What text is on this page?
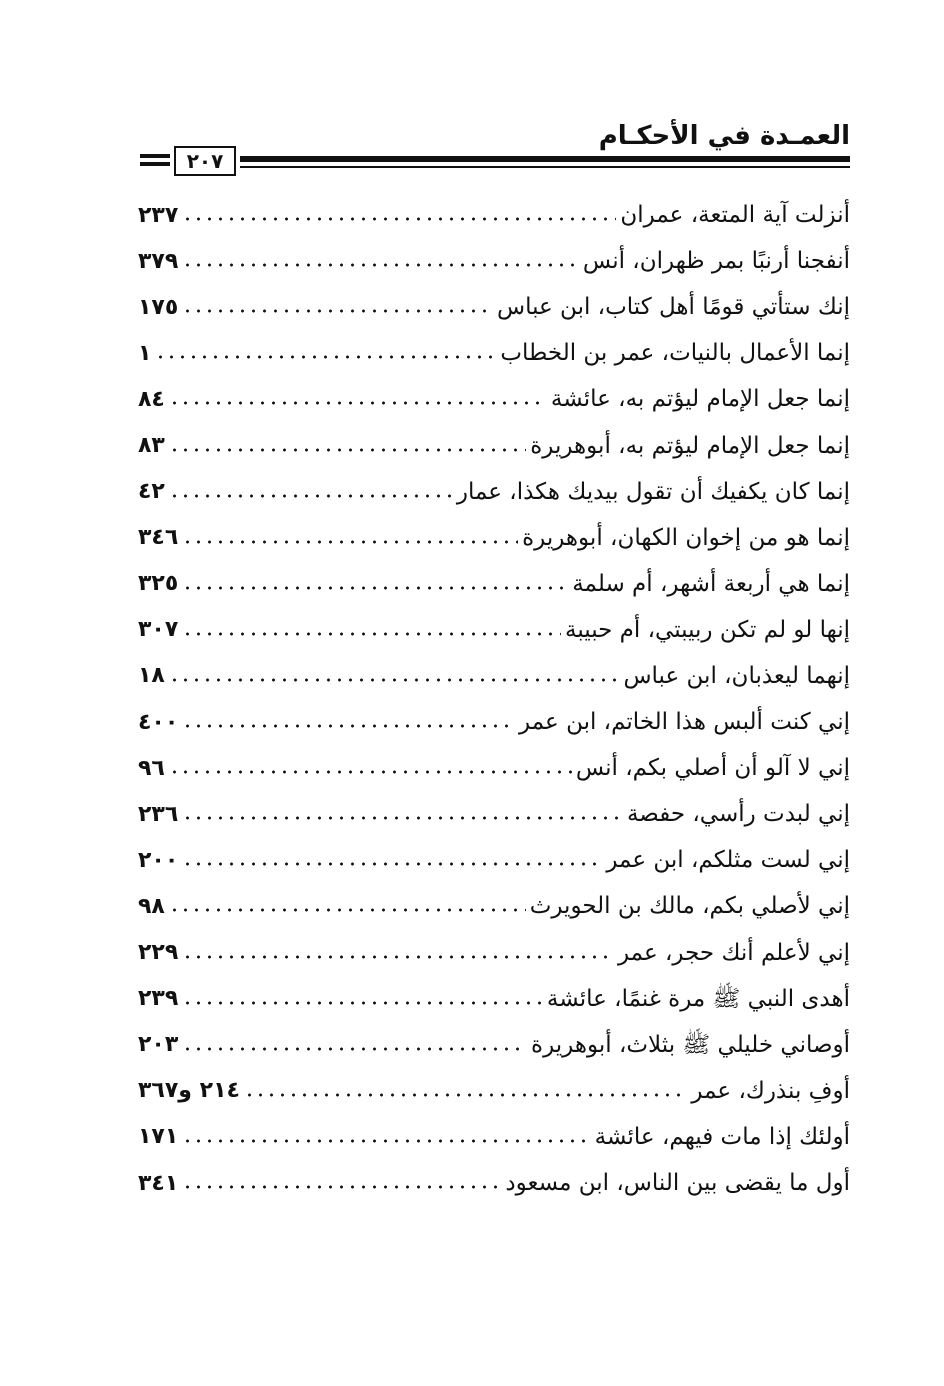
العمـدة في الأحكـام
٢٠٧
أنزلت آية المتعة، عمران
٢٣٧
أنفجنا أرنبًا بمر ظهران، أنس
٣٧٩
إنك ستأتي قومًا أهل كتاب، ابن عباس
١٧٥
إنما الأعمال بالنيات، عمر بن الخطاب
١
إنما جعل الإمام ليؤتم به، عائشة
٨٤
إنما جعل الإمام ليؤتم به، أبوهريرة
٨٣
إنما كان يكفيك أن تقول بيديك هكذا، عمار
٤٢
إنما هو من إخوان الكهان، أبوهريرة
٣٤٦
إنما هي أربعة أشهر، أم سلمة
٣٢٥
إنها لو لم تكن ربيبتي، أم حبيبة
٣٠٧
إنهما ليعذبان، ابن عباس
١٨
إني كنت ألبس هذا الخاتم، ابن عمر
٤٠٠
إني لا آلو أن أصلي بكم، أنس
٩٦
إني لبدت رأسي، حفصة
٢٣٦
إني لست مثلكم، ابن عمر
٢٠٠
إني لأصلي بكم، مالك بن الحويرث
٩٨
إني لأعلم أنك حجر، عمر
٢٢٩
أهدى النبي ﷺ مرة غنمًا، عائشة
٢٣٩
أوصاني خليلي ﷺ بثلاث، أبوهريرة
٢٠٣
أوفِ بنذرك، عمر
٢١٤ و٣٦٧
أولئك إذا مات فيهم، عائشة
١٧١
أول ما يقضى بين الناس، ابن مسعود
٣٤١
